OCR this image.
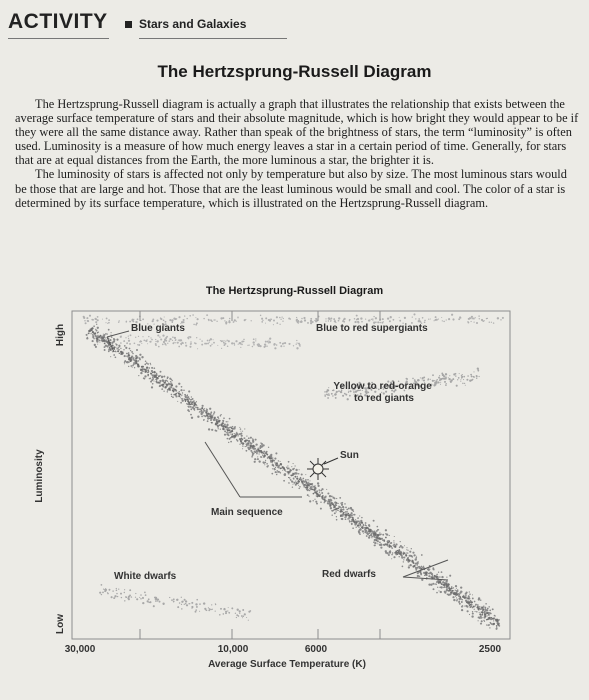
ACTIVITY	Stars and Galaxies
The Hertzsprung-Russell Diagram

The Hertzsprung-Russell diagram is actually a graph that illustrates the relationship that exists between the average surface temperature of stars and their absolute magnitude, which is how bright they would appear to be if they were all the same distance away. Rather than speak of the brightness of stars, the term “luminosity” is often used. Luminosity is a measure of how much energy leaves a star in a certain period of time. Generally, for stars that are at equal distances from the Earth, the more luminous a star, the brighter it is.

The luminosity of stars is affected not only by temperature but also by size. The most luminous stars would be those that are large and hot. Those that are the least luminous would be small and cool. The color of a star is determined by its surface temperature, which is illustrated on the Hertzsprung-Russell diagram.

The Hertzsprung-Russell Diagram
High
Luminosity
Low
30,000	10,000	6000	2500
Average Surface Temperature (K)
Blue giants	Blue to red supergiants
Yellow to red-orange to red giants
Sun
Main sequence
White dwarfs	Red dwarfs
